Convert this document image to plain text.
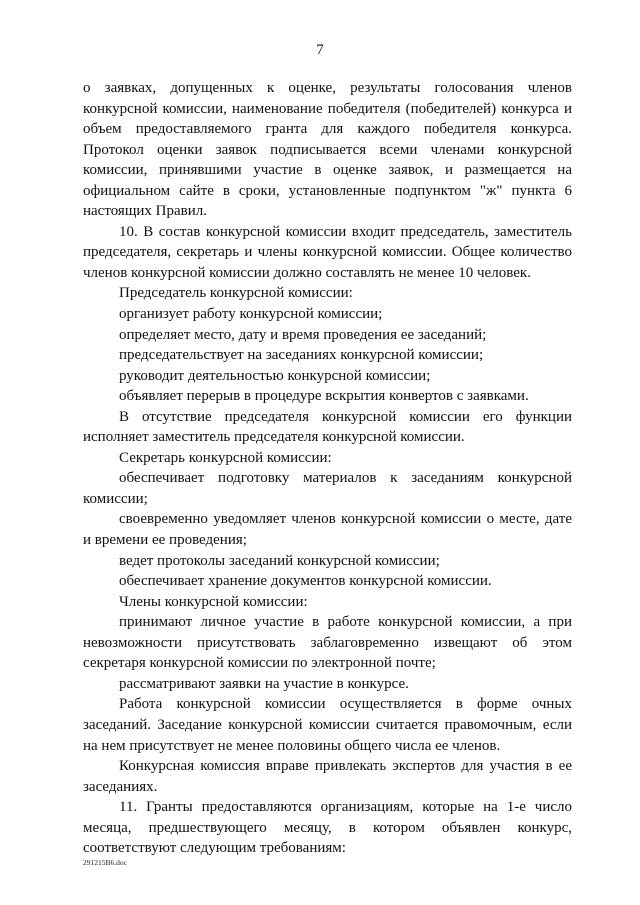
7

о заявках, допущенных к оценке, результаты голосования членов конкурсной комиссии, наименование победителя (победителей) конкурса и объем предоставляемого гранта для каждого победителя конкурса. Протокол оценки заявок подписывается всеми членами конкурсной комиссии, принявшими участие в оценке заявок, и размещается на официальном сайте в сроки, установленные подпунктом "ж" пункта 6 настоящих Правил.

10. В состав конкурсной комиссии входит председатель, заместитель председателя, секретарь и члены конкурсной комиссии. Общее количество членов конкурсной комиссии должно составлять не менее 10 человек.

Председатель конкурсной комиссии:

организует работу конкурсной комиссии;

определяет место, дату и время проведения ее заседаний;

председательствует на заседаниях конкурсной комиссии;

руководит деятельностью конкурсной комиссии;

объявляет перерыв в процедуре вскрытия конвертов с заявками.

В отсутствие председателя конкурсной комиссии его функции исполняет заместитель председателя конкурсной комиссии.

Секретарь конкурсной комиссии:

обеспечивает подготовку материалов к заседаниям конкурсной комиссии;

своевременно уведомляет членов конкурсной комиссии о месте, дате и времени ее проведения;

ведет протоколы заседаний конкурсной комиссии;

обеспечивает хранение документов конкурсной комиссии.

Члены конкурсной комиссии:

принимают личное участие в работе конкурсной комиссии, а при невозможности присутствовать заблаговременно извещают об этом секретаря конкурсной комиссии по электронной почте;

рассматривают заявки на участие в конкурсе.

Работа конкурсной комиссии осуществляется в форме очных заседаний. Заседание конкурсной комиссии считается правомочным, если на нем присутствует не менее половины общего числа ее членов.

Конкурсная комиссия вправе привлекать экспертов для участия в ее заседаниях.

11. Гранты предоставляются организациям, которые на 1-е число месяца, предшествующего месяцу, в котором объявлен конкурс, соответствуют следующим требованиям:

291215B6.doc
